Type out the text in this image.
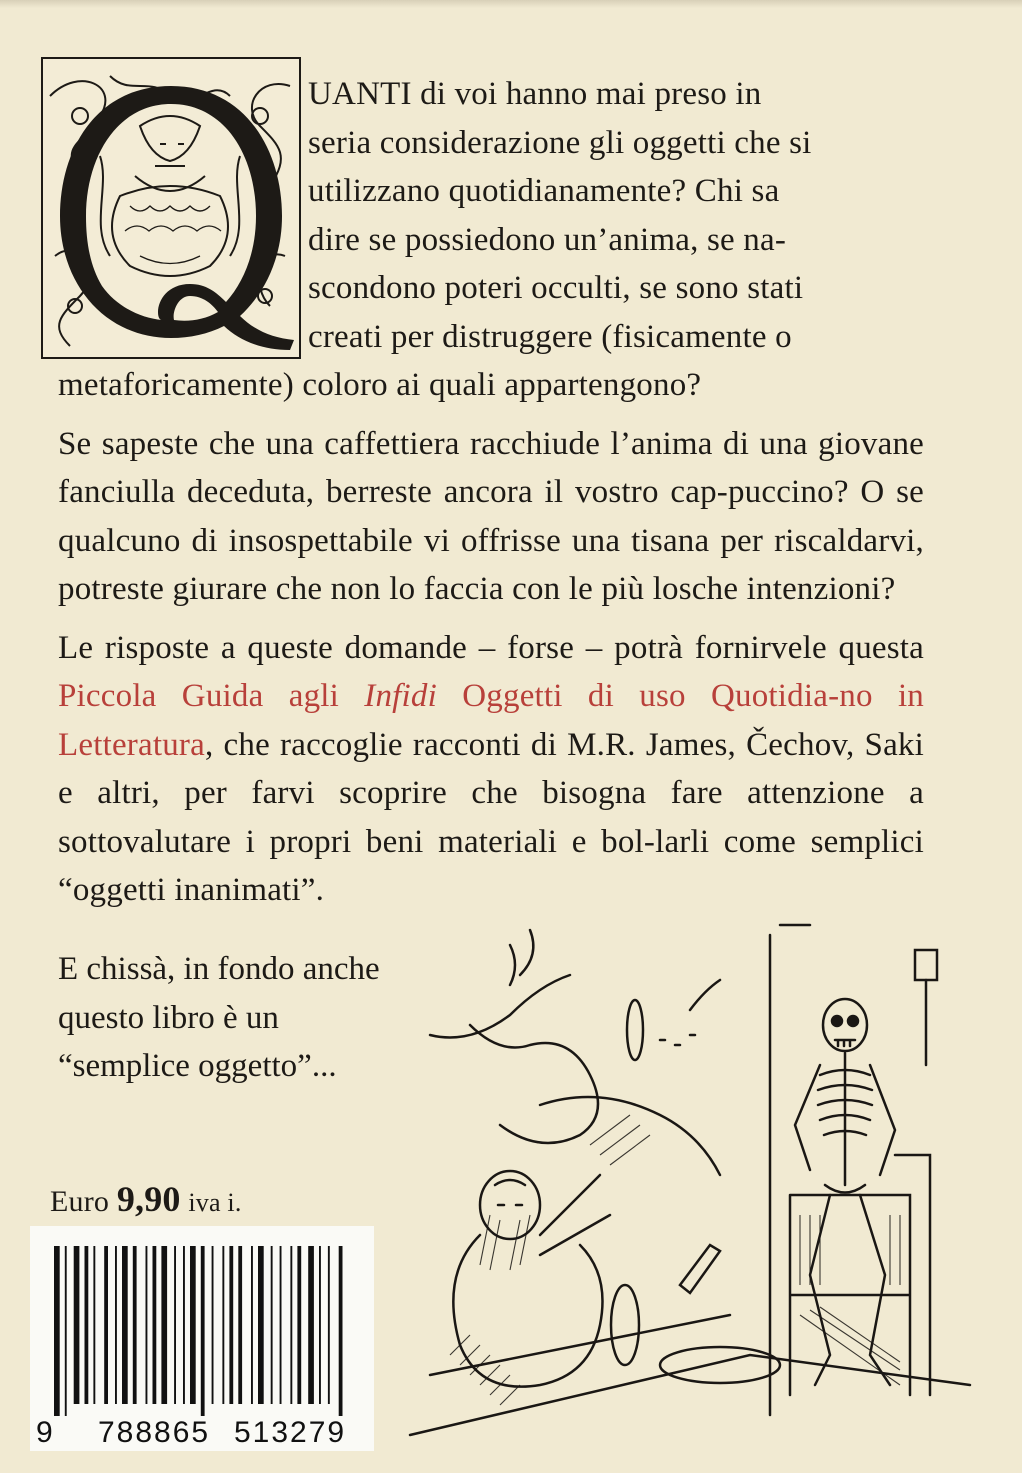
UANTI di voi hanno mai preso in
seria considerazione gli oggetti che si
utilizzano quotidianamente? Chi sa
dire se possiedono un’anima, se na-
scondono poteri occulti, se sono stati
creati per distruggere (fisicamente o
metaforicamente) coloro ai quali appartengono?

Se sapeste che una caffettiera racchiude l’anima di una giovane fanciulla deceduta, berreste ancora il vostro cap-puccino? O se qualcuno di insospettabile vi offrisse una tisana per riscaldarvi, potreste giurare che non lo faccia con le più losche intenzioni?

Le risposte a queste domande – forse – potrà fornirvele questa Piccola Guida agli Infidi Oggetti di uso Quotidia-no in Letteratura, che raccoglie racconti di M.R. James, Čechov, Saki e altri, per farvi scoprire che bisogna fare attenzione a sottovalutare i propri beni materiali e bol-larli come semplici “oggetti inanimati”.

E chissà, in fondo anche
questo libro è un
“semplice oggetto”...
Euro 9,90 iva i.
9 788865 513279
